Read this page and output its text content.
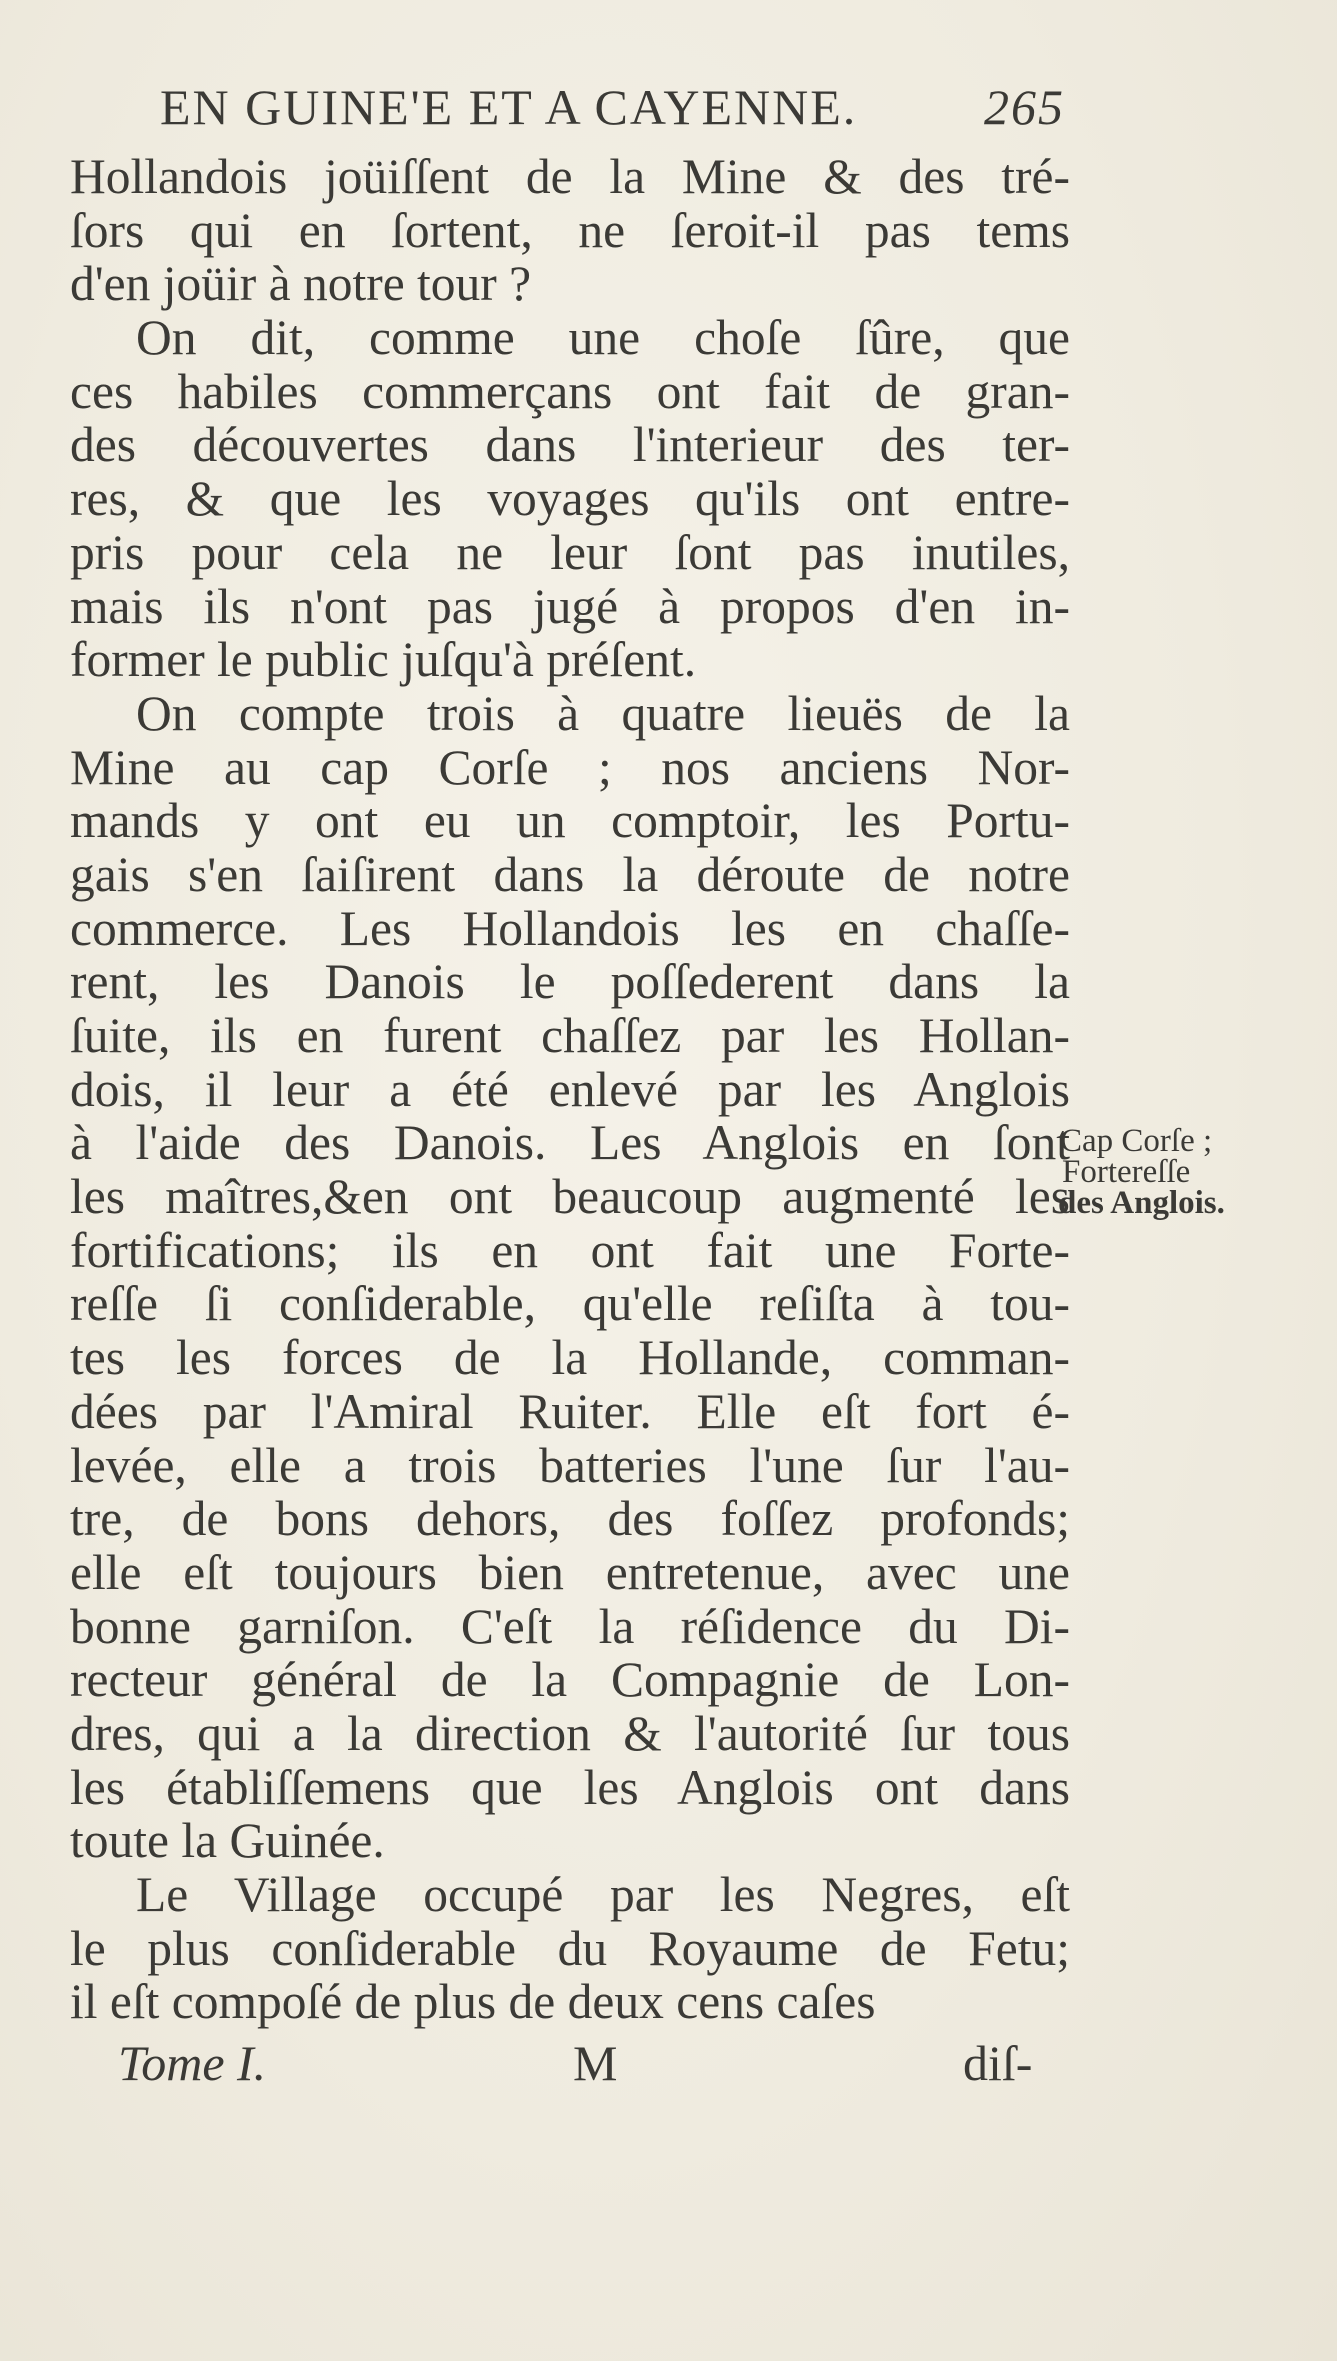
EN GUINE'E ET A CAYENNE.	265
Hollandois joüiſſent de la Mine & des tré-
ſors qui en ſortent, ne ſeroit-il pas tems
d'en joüir à notre tour ?
On dit, comme une choſe ſûre, que
ces habiles commerçans ont fait de gran-
des découvertes dans l'interieur des ter-
res, & que les voyages qu'ils ont entre-
pris pour cela ne leur ſont pas inutiles,
mais ils n'ont pas jugé à propos d'en in-
former le public juſqu'à préſent.
On compte trois à quatre lieuës de la
Mine au cap Corſe ; nos anciens Nor-
mands y ont eu un comptoir, les Portu-
gais s'en ſaiſirent dans la déroute de notre
commerce. Les Hollandois les en chaſſe-
rent, les Danois le poſſederent dans la
ſuite, ils en furent chaſſez par les Hollan-
dois, il leur a été enlevé par les Anglois
à l'aide des Danois. Les Anglois en ſont
les maîtres,&en ont beaucoup augmenté les
fortifications; ils en ont fait une Forte-
reſſe ſi conſiderable, qu'elle reſiſta à tou-
tes les forces de la Hollande, comman-
dées par l'Amiral Ruiter. Elle eſt fort é-
levée, elle a trois batteries l'une ſur l'au-
tre, de bons dehors, des foſſez profonds;
elle eſt toujours bien entretenue, avec une
bonne garniſon. C'eſt la réſidence du Di-
recteur général de la Compagnie de Lon-
dres, qui a la direction & l'autorité ſur tous
les établiſſemens que les Anglois ont dans
toute la Guinée.
Le Village occupé par les Negres, eſt
le plus conſiderable du Royaume de Fetu;
il eſt compoſé de plus de deux cens caſes
Cap Corſe ;
Fortereſſe
des Anglois.
Tome I.	M	diſ-
